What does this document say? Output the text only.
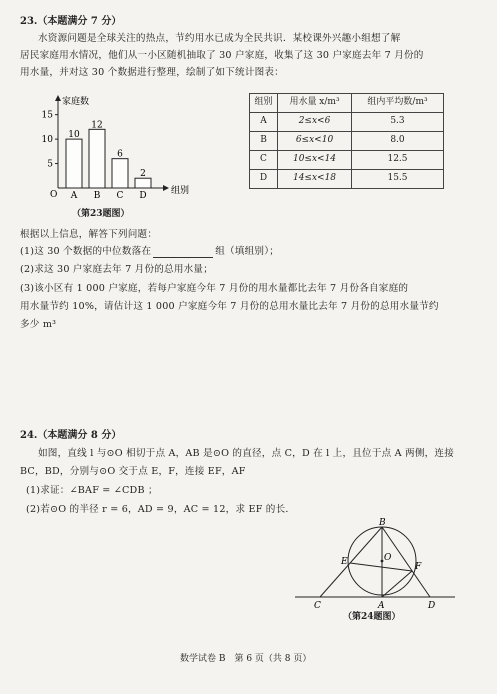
23.（本题满分 7 分）
水资源问题是全球关注的热点，节约用水已成为全民共识．某校课外兴趣小组想了解
居民家庭用水情况，他们从一小区随机抽取了 30 户家庭，收集了这 30 户家庭去年 7 月份的
用水量，并对这 30 个数据进行整理，绘制了如下统计图表：
家庭数
组别
O
5
10
15
10
A
12
B
6
C
2
D
（第23题图）
组别	用水量 x/m³	组内平均数/m³
A	2≤x<6	5.3
B	6≤x<10	8.0
C	10≤x<14	12.5
D	14≤x<18	15.5
根据以上信息，解答下列问题：
(1)这 30 个数据的中位数落在	组（填组别）；
(2)求这 30 户家庭去年 7 月份的总用水量；
(3)该小区有 1 000 户家庭，若每户家庭今年 7 月份的用水量都比去年 7 月份各自家庭的
用水量节约 10%，请估计这 1 000 户家庭今年 7 月份的总用水量比去年 7 月份的总用水量节约
多少 m³
24.（本题满分 8 分）
如图，直线 l 与⊙O 相切于点 A，AB 是⊙O 的直径，点 C，D 在 l 上，且位于点 A 两侧，连接
BC，BD，分别与⊙O 交于点 E，F，连接 EF，AF
(1)求证：∠BAF = ∠CDB ；
(2)若⊙O 的半径 r = 6，AD = 9，AC = 12，求 EF 的长．
B
O
E	F
C	A	D
（第24题图）
数学试卷 B　第 6 页（共 8 页）
